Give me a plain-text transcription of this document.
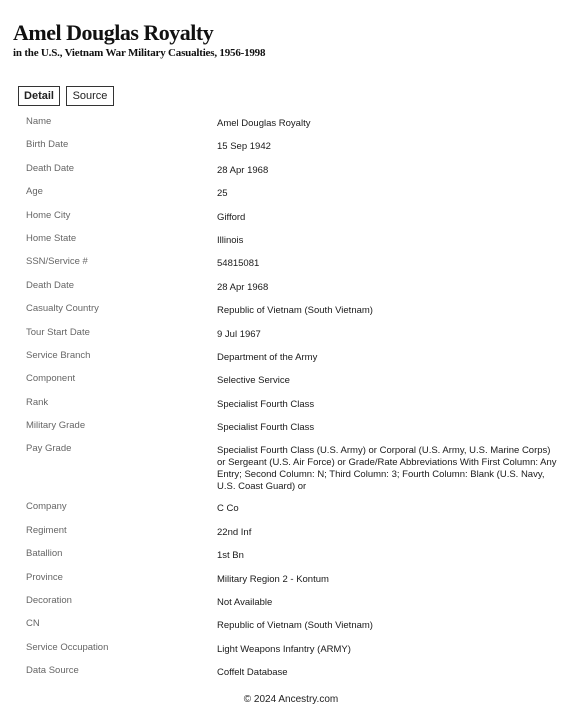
Amel Douglas Royalty
in the U.S., Vietnam War Military Casualties, 1956-1998
Detail	Source
Name	Amel Douglas Royalty
Birth Date	15 Sep 1942
Death Date	28 Apr 1968
Age	25
Home City	Gifford
Home State	Illinois
SSN/Service #	54815081
Death Date	28 Apr 1968
Casualty Country	Republic of Vietnam (South Vietnam)
Tour Start Date	9 Jul 1967
Service Branch	Department of the Army
Component	Selective Service
Rank	Specialist Fourth Class
Military Grade	Specialist Fourth Class
Pay Grade	Specialist Fourth Class (U.S. Army) or Corporal (U.S. Army, U.S. Marine Corps) or Sergeant (U.S. Air Force) or Grade/Rate Abbreviations With First Column: Any Entry; Second Column: N; Third Column: 3; Fourth Column: Blank (U.S. Navy, U.S. Coast Guard) or
Company	C Co
Regiment	22nd Inf
Batallion	1st Bn
Province	Military Region 2 - Kontum
Decoration	Not Available
CN	Republic of Vietnam (South Vietnam)
Service Occupation	Light Weapons Infantry (ARMY)
Data Source	Coffelt Database
© 2024 Ancestry.com
